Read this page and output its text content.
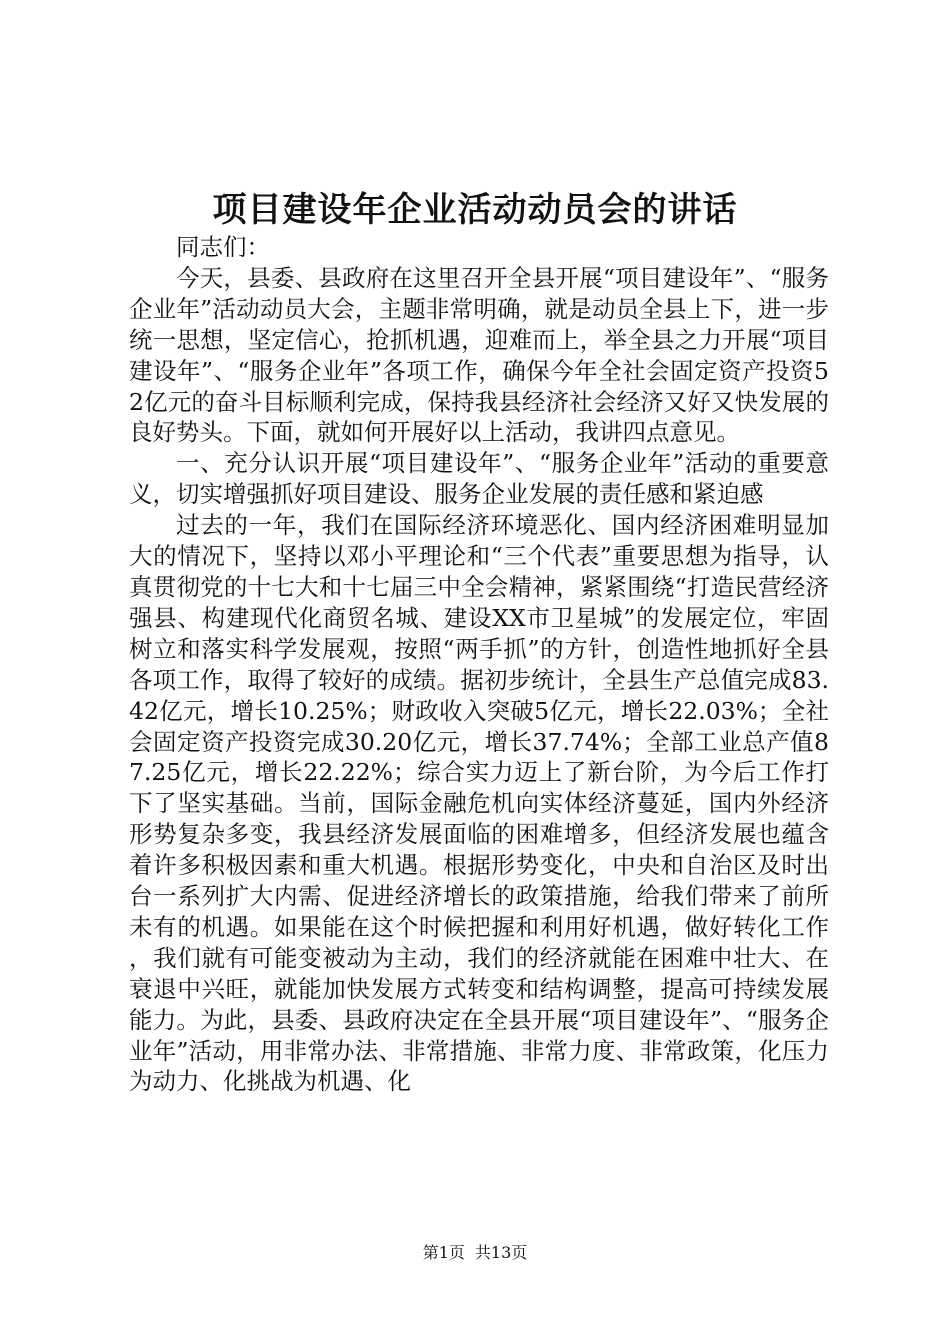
项目建设年企业活动动员会的讲话

同志们：

今天，县委、县政府在这里召开全县开展“项目建设年”、“服务企业年”活动动员大会，主题非常明确，就是动员全县上下，进一步统一思想，坚定信心，抢抓机遇，迎难而上，举全县之力开展“项目建设年”、“服务企业年”各项工作，确保今年全社会固定资产投资52亿元的奋斗目标顺利完成，保持我县经济社会经济又好又快发展的良好势头。下面，就如何开展好以上活动，我讲四点意见。

一、充分认识开展“项目建设年”、“服务企业年”活动的重要意义，切实增强抓好项目建设、服务企业发展的责任感和紧迫感

过去的一年，我们在国际经济环境恶化、国内经济困难明显加大的情况下，坚持以邓小平理论和“三个代表”重要思想为指导，认真贯彻党的十七大和十七届三中全会精神，紧紧围绕“打造民营经济强县、构建现代化商贸名城、建设XX市卫星城”的发展定位，牢固树立和落实科学发展观，按照“两手抓”的方针，创造性地抓好全县各项工作，取得了较好的成绩。据初步统计，全县生产总值完成83.42亿元，增长10.25%；财政收入突破5亿元，增长22.03%；全社会固定资产投资完成30.20亿元，增长37.74%；全部工业总产值87.25亿元，增长22.22%；综合实力迈上了新台阶，为今后工作打下了坚实基础。当前，国际金融危机向实体经济蔓延，国内外经济形势复杂多变，我县经济发展面临的困难增多，但经济发展也蕴含着许多积极因素和重大机遇。根据形势变化，中央和自治区及时出台一系列扩大内需、促进经济增长的政策措施，给我们带来了前所未有的机遇。如果能在这个时候把握和利用好机遇，做好转化工作，我们就有可能变被动为主动，我们的经济就能在困难中壮大、在衰退中兴旺，就能加快发展方式转变和结构调整，提高可持续发展能力。为此，县委、县政府决定在全县开展“项目建设年”、“服务企业年”活动，用非常办法、非常措施、非常力度、非常政策，化压力为动力、化挑战为机遇、化

第1页 共13页
